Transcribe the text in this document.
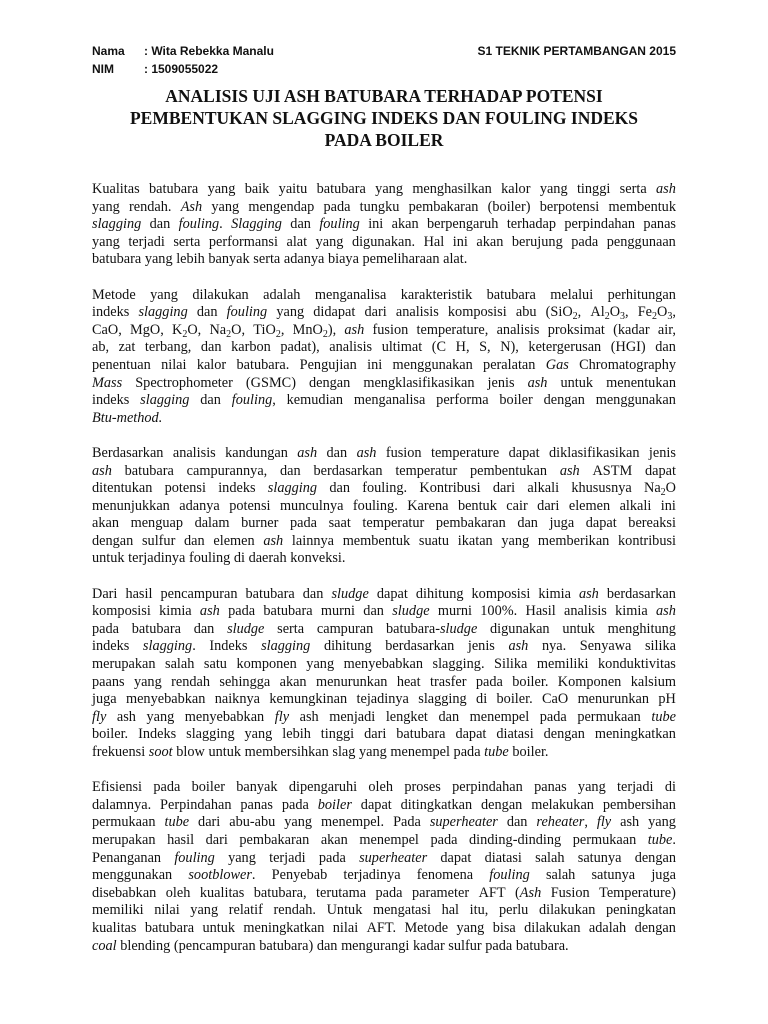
Nama	: Wita Rebekka Manalu	S1 TEKNIK PERTAMBANGAN 2015
NIM	: 1509055022
ANALISIS UJI ASH BATUBARA TERHADAP POTENSI
PEMBENTUKAN SLAGGING INDEKS DAN FOULING INDEKS
PADA BOILER
Kualitas batubara yang baik yaitu batubara yang menghasilkan kalor yang tinggi serta ash
yang rendah. Ash yang mengendap pada tungku pembakaran (boiler) berpotensi membentuk
slagging dan fouling. Slagging dan fouling ini akan berpengaruh terhadap perpindahan panas
yang terjadi serta performansi alat yang digunakan. Hal ini akan berujung pada penggunaan
batubara yang lebih banyak serta adanya biaya pemeliharaan alat.
Metode yang dilakukan adalah menganalisa karakteristik batubara melalui perhitungan
indeks slagging dan fouling yang didapat dari analisis komposisi abu (SiO$_2$, $Al_2O_3$, $Fe_2O_3$,
CaO, MgO, $K_2O$, $Na_2O$, TiO$_2$, MnO$_2$), ash fusion temperature, analisis proksimat (kadar air,
ab, zat terbang, dan karbon padat), analisis ultimat (C H, S, N), ketergerusan (HGI) dan
penentuan nilai kalor batubara. Pengujian ini menggunakan peralatan Gas Chromatography
Mass Spectrophometer (GSMC) dengan mengklasifikasikan jenis ash untuk menentukan
indeks slagging dan fouling, kemudian menganalisa performa boiler dengan menggunakan
Btu-method.
Berdasarkan analisis kandungan ash dan ash fusion temperature dapat diklasifikasikan jenis
ash batubara campurannya, dan berdasarkan temperatur pembentukan ash ASTM dapat
ditentukan potensi indeks slagging dan fouling. Kontribusi dari alkali khususnya $Na_2O$
menunjukkan adanya potensi munculnya fouling. Karena bentuk cair dari elemen alkali ini
akan menguap dalam burner pada saat temperatur pembakaran dan juga dapat bereaksi
dengan sulfur dan elemen ash lainnya membentuk suatu ikatan yang memberikan kontribusi
untuk terjadinya fouling di daerah konveksi.
Dari hasil pencampuran batubara dan sludge dapat dihitung komposisi kimia ash berdasarkan
komposisi kimia ash pada batubara murni dan sludge murni 100%. Hasil analisis kimia ash
pada batubara dan sludge serta campuran batubara-sludge digunakan untuk menghitung
indeks slagging. Indeks slagging dihitung berdasarkan jenis ash nya. Senyawa silika
merupakan salah satu komponen yang menyebabkan slagging. Silika memiliki konduktivitas
paans yang rendah sehingga akan menurunkan heat trasfer pada boiler. Komponen kalsium
juga menyebabkan naiknya kemungkinan tejadinya slagging di boiler. CaO menurunkan pH
fly ash yang menyebabkan fly ash menjadi lengket dan menempel pada permukaan tube
boiler. Indeks slagging yang lebih tinggi dari batubara dapat diatasi dengan meningkatkan
frekuensi soot blow untuk membersihkan slag yang menempel pada tube boiler.
Efisiensi pada boiler banyak dipengaruhi oleh proses perpindahan panas yang terjadi di
dalamnya. Perpindahan panas pada boiler dapat ditingkatkan dengan melakukan pembersihan
permukaan tube dari abu-abu yang menempel. Pada superheater dan reheater, fly ash yang
merupakan hasil dari pembakaran akan menempel pada dinding-dinding permukaan tube.
Penanganan fouling yang terjadi pada superheater dapat diatasi salah satunya dengan
menggunakan sootblower. Penyebab terjadinya fenomena fouling salah satunya juga
disebabkan oleh kualitas batubara, terutama pada parameter AFT (Ash Fusion Temperature)
memiliki nilai yang relatif rendah. Untuk mengatasi hal itu, perlu dilakukan peningkatan
kualitas batubara untuk meningkatkan nilai AFT. Metode yang bisa dilakukan adalah dengan
coal blending (pencampuran batubara) dan mengurangi kadar sulfur pada batubara.
